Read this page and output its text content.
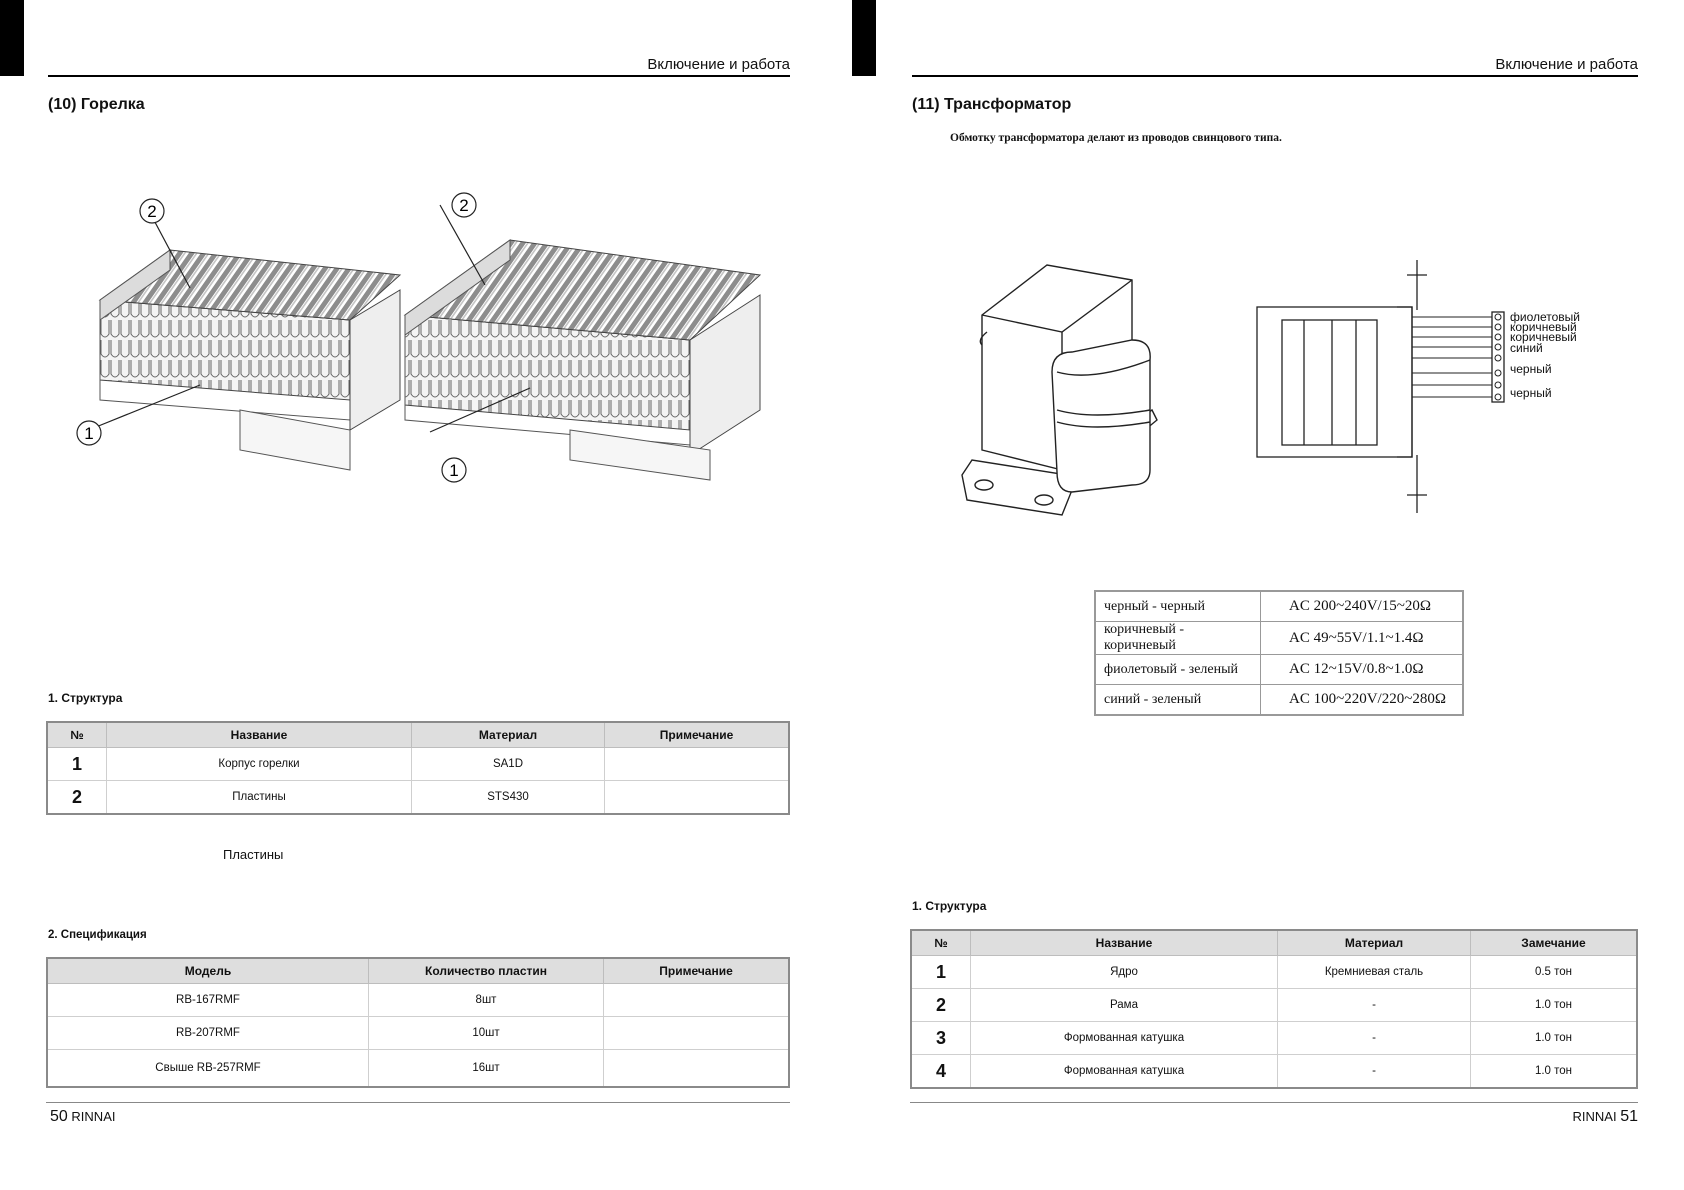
Включение и работа
(10) Горелка
2
1
2
1
1. Структура
№	Название	Материал	Примечание
1	Корпус горелки	SA1D	
2	Пластины	STS430	
Пластины
2. Спецификация
Модель	Количество пластин	Примечание
RB-167RMF	8шт	
RB-207RMF	10шт	
Свыше RB-257RMF	16шт	
50 RINNAI
Включение и работа
(11) Трансформатор
Обмотку трансформатора делают из проводов свинцового типа.
фиолетовый
коричневый
коричневый
синий
черный
черный
черный - черный	AC 200~240V/15~20Ω
коричневый - коричневый	AC 49~55V/1.1~1.4Ω
фиолетовый - зеленый	AC 12~15V/0.8~1.0Ω
синий - зеленый	AC 100~220V/220~280Ω
1. Структура
№	Название	Материал	Замечание
1	Ядро	Кремниевая сталь	0.5 тон
2	Рама	-	1.0 тон
3	Формованная катушка	-	1.0 тон
4	Формованная катушка	-	1.0 тон
RINNAI 51
